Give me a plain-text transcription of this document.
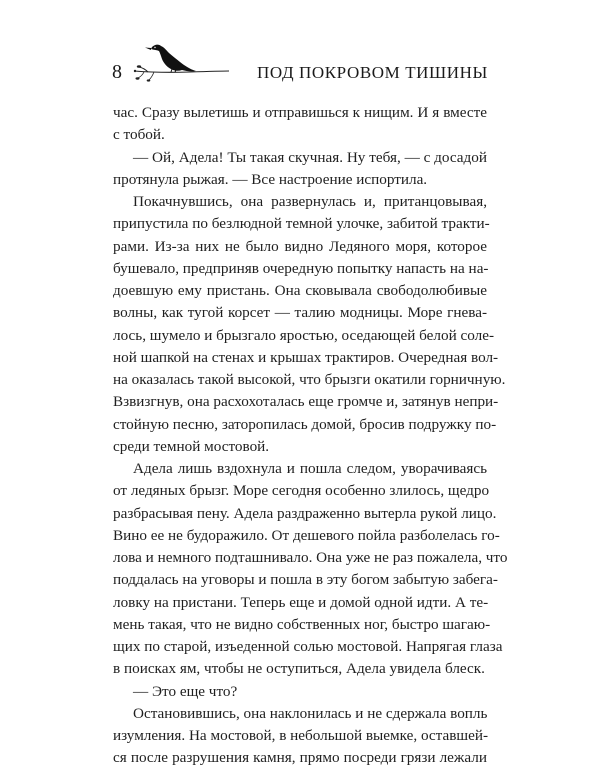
8	ПОД ПОКРОВОМ ТИШИНЫ
час. Сразу вылетишь и отправишься к нищим. И я вместе
с тобой.
— Ой, Адела! Ты такая скучная. Ну тебя, — с досадой
протянула рыжая. — Все настроение испортила.
Покачнувшись, она развернулась и, пританцовывая,
припустила по безлюдной темной улочке, забитой тракти-
рами. Из-за них не было видно Ледяного моря, которое
бушевало, предприняв очередную попытку напасть на на-
доевшую ему пристань. Она сковывала свободолюбивые
волны, как тугой корсет — талию модницы. Море гнева-
лось, шумело и брызгало яростью, оседающей белой соле-
ной шапкой на стенах и крышах трактиров. Очередная вол-
на оказалась такой высокой, что брызги окатили горничную.
Взвизгнув, она расхохоталась еще громче и, затянув непри-
стойную песню, заторопилась домой, бросив подружку по-
среди темной мостовой.
Адела лишь вздохнула и пошла следом, уворачиваясь
от ледяных брызг. Море сегодня особенно злилось, щедро
разбрасывая пену. Адела раздраженно вытерла рукой лицо.
Вино ее не будоражило. От дешевого пойла разболелась го-
лова и немного подташнивало. Она уже не раз пожалела, что
поддалась на уговоры и пошла в эту богом забытую забега-
ловку на пристани. Теперь еще и домой одной идти. А те-
мень такая, что не видно собственных ног, быстро шагаю-
щих по старой, изъеденной солью мостовой. Напрягая глаза
в поисках ям, чтобы не оступиться, Адела увидела блеск.
— Это еще что?
Остановившись, она наклонилась и не сдержала вопль
изумления. На мостовой, в небольшой выемке, оставшей-
ся после разрушения камня, прямо посреди грязи лежали
